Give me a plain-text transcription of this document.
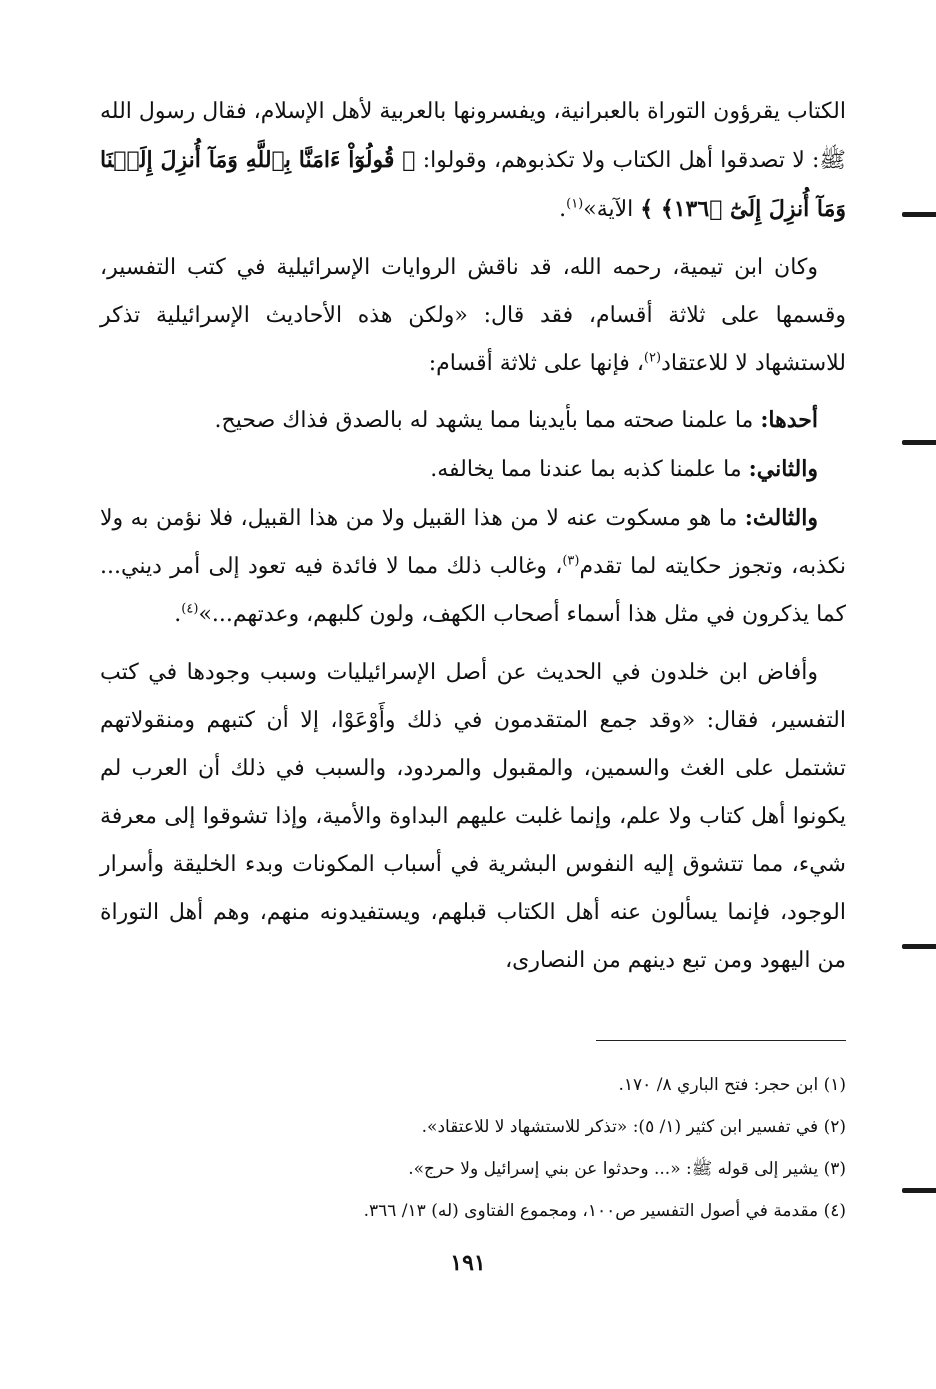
الكتاب يقرؤون التوراة بالعبرانية، ويفسرونها بالعربية لأهل الإسلام، فقال رسول الله ﷺ: لا تصدقوا أهل الكتاب ولا تكذبوهم، وقولوا: ﴿ قُولُوٓاْ ءَامَنَّا بِٱللَّهِ وَمَآ أُنزِلَ إِلَيۡنَا وَمَآ أُنزِلَ إِلَىٰٓ ﴿١٣٦﴾ ﴾ الآية»$^{(١)}$.

وكان ابن تيمية، رحمه الله، قد ناقش الروايات الإسرائيلية في كتب التفسير، وقسمها على ثلاثة أقسام، فقد قال: «ولكن هذه الأحاديث الإسرائيلية تذكر للاستشهاد لا للاعتقاد$^{(٢)}$، فإنها على ثلاثة أقسام:

أحدها: ما علمنا صحته مما بأيدينا مما يشهد له بالصدق فذاك صحيح.

والثاني: ما علمنا كذبه بما عندنا مما يخالفه.

والثالث: ما هو مسكوت عنه لا من هذا القبيل ولا من هذا القبيل، فلا نؤمن به ولا نكذبه، وتجوز حكايته لما تقدم$^{(٣)}$، وغالب ذلك مما لا فائدة فيه تعود إلى أمر ديني... كما يذكرون في مثل هذا أسماء أصحاب الكهف، ولون كلبهم، وعدتهم...»$^{(٤)}$.

وأفاض ابن خلدون في الحديث عن أصل الإسرائيليات وسبب وجودها في كتب التفسير، فقال: «وقد جمع المتقدمون في ذلك وأَوْعَوْا، إلا أن كتبهم ومنقولاتهم تشتمل على الغث والسمين، والمقبول والمردود، والسبب في ذلك أن العرب لم يكونوا أهل كتاب ولا علم، وإنما غلبت عليهم البداوة والأمية، وإذا تشوقوا إلى معرفة شيء، مما تتشوق إليه النفوس البشرية في أسباب المكونات وبدء الخليقة وأسرار الوجود، فإنما يسألون عنه أهل الكتاب قبلهم، ويستفيدونه منهم، وهم أهل التوراة من اليهود ومن تبع دينهم من النصارى،

(١) ابن حجر: فتح الباري ٨/ ١٧٠.

(٢) في تفسير ابن كثير (١/ ٥): «تذكر للاستشهاد لا للاعتقاد».

(٣) يشير إلى قوله ﷺ: «... وحدثوا عن بني إسرائيل ولا حرج».

(٤) مقدمة في أصول التفسير ص١٠٠، ومجموع الفتاوى (له) ١٣/ ٣٦٦.

١٩١
